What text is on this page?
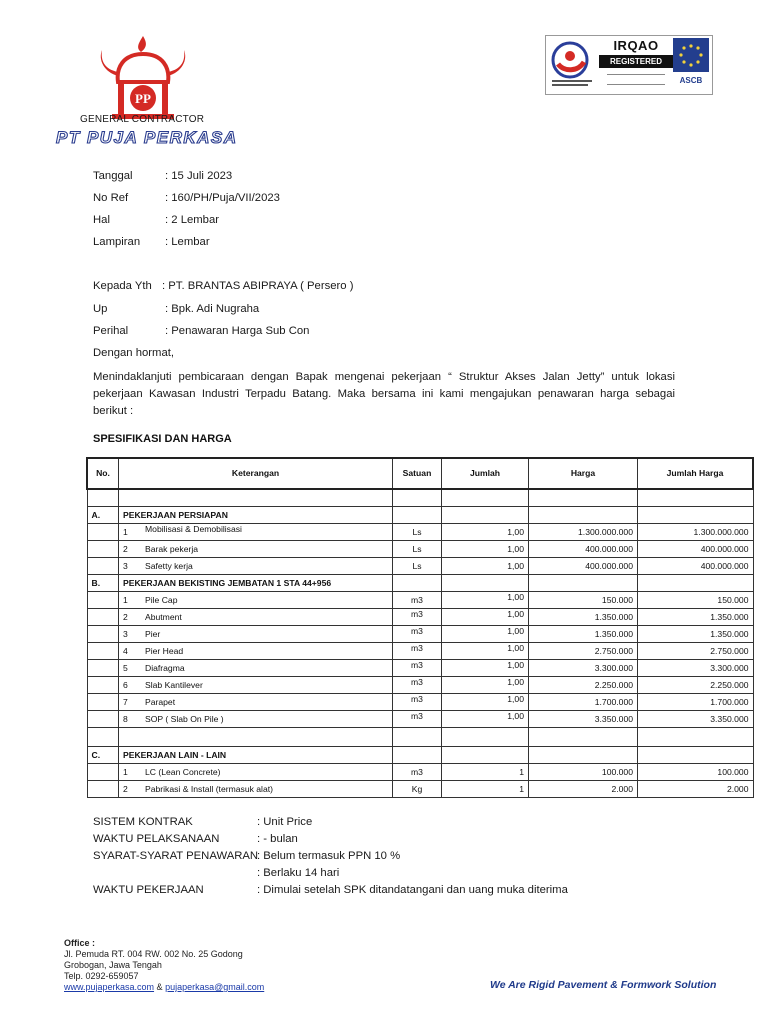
PP
GENERAL CONTRACTOR
PT PUJA PERKASA
IRQAO
REGISTERED
ASCB
Tanggal	: 15 Juli 2023
No Ref	: 160/PH/Puja/VII/2023
Hal	: 2 Lembar
Lampiran : Lembar
Kepada Yth : PT. BRANTAS ABIPRAYA ( Persero )
Up	: Bpk. Adi Nugraha
Perihal	: Penawaran Harga Sub Con
Dengan hormat,
Menindaklanjuti pembicaraan dengan Bapak mengenai pekerjaan “ Struktur Akses Jalan Jetty” untuk lokasi
pekerjaan Kawasan Industri Terpadu Batang. Maka bersama ini kami mengajukan penawaran harga sebagai
berikut :
SPESIFIKASI DAN HARGA
No.	Keterangan	Satuan	Jumlah	Harga	Jumlah Harga

A.	PEKERJAAN PERSIAPAN				
	1 Mobilisasi & Demobilisasi	Ls	1,00	1.300.000.000	1.300.000.000
	2 Barak pekerja	Ls	1,00	400.000.000	400.000.000
	3 Safetty kerja	Ls	1,00	400.000.000	400.000.000
B.	PEKERJAAN BEKISTING JEMBATAN 1 STA 44+956				
	1 Pile Cap	m3	1,00	150.000	150.000
	2 Abutment	m3	1,00	1.350.000	1.350.000
	3 Pier	m3	1,00	1.350.000	1.350.000
	4 Pier Head	m3	1,00	2.750.000	2.750.000
	5 Diafragma	m3	1,00	3.300.000	3.300.000
	6 Slab Kantilever	m3	1,00	2.250.000	2.250.000
	7 Parapet	m3	1,00	1.700.000	1.700.000
	8 SOP ( Slab On Pile )	m3	1,00	3.350.000	3.350.000

C.	PEKERJAAN LAIN - LAIN				
	1 LC (Lean Concrete)	m3	1	100.000	100.000
	2 Pabrikasi & Install (termasuk alat)	Kg	1	2.000	2.000
SISTEM KONTRAK	: Unit Price
WAKTU PELAKSANAAN	: - bulan
SYARAT-SYARAT PENAWARAN
: Belum termasuk PPN 10 %
: Berlaku 14 hari
WAKTU PEKERJAAN	: Dimulai setelah SPK ditandatangani dan uang muka diterima
Office :
Jl. Pemuda RT. 004 RW. 002 No. 25 Godong
Grobogan, Jawa Tengah
Telp. 0292-659057
www.pujaperkasa.com & pujaperkasa@gmail.com	We Are Rigid Pavement & Formwork Solution
